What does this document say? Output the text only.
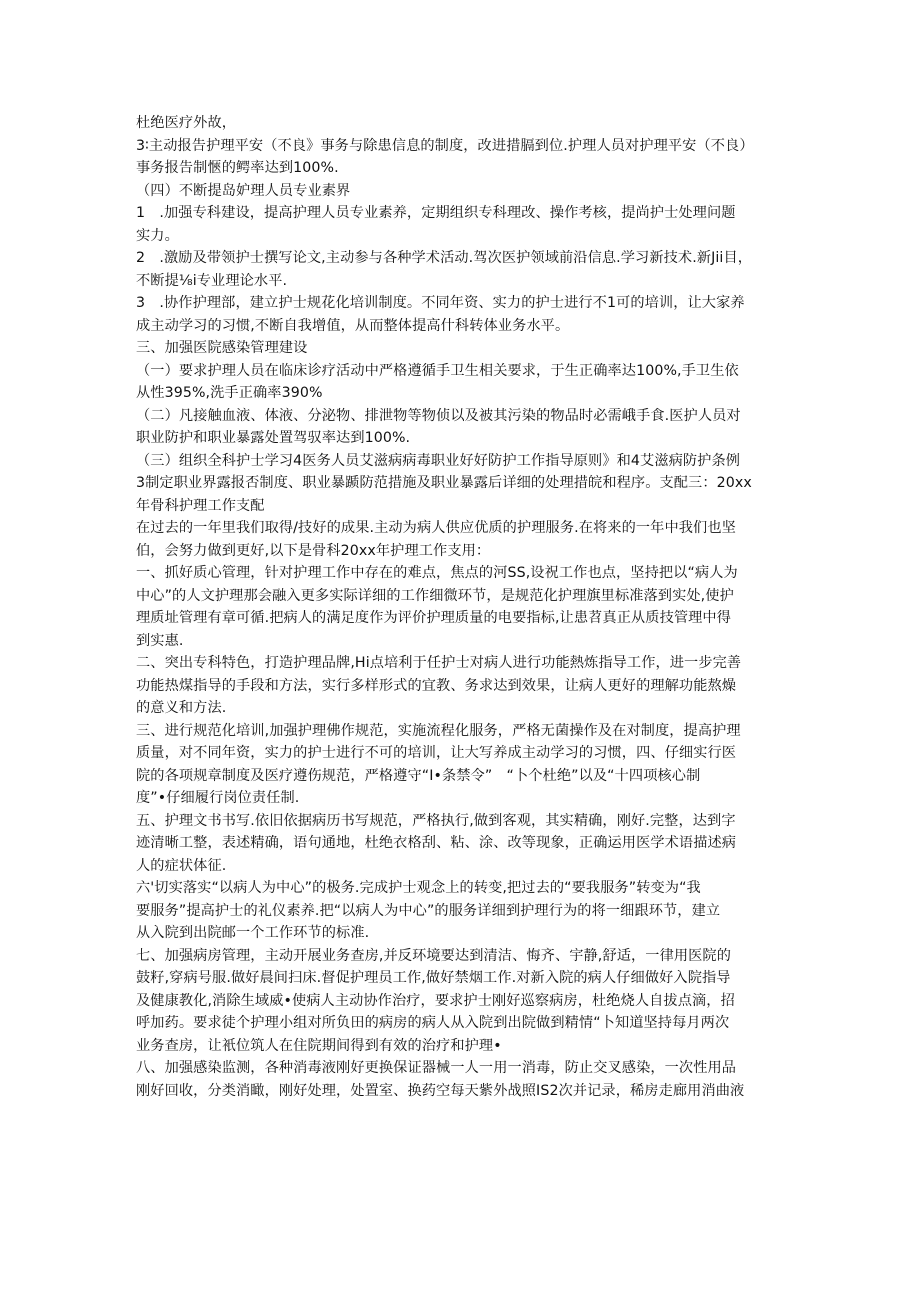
杜绝医疗外故，
3∶主动报告护理平安（不良》事务与除患信息的制度，改进措膈到位.护理人员对护理平安（不良）
事务报告制愜的鳄率达到100%.
（四）不断提岛妒理人员专业素界
1　.加强专科建设，提高护理人员专业素养，定期组织专科理改、操作考核，提尚护士处理问题
实力。
2　.激励及带领护士撰写论文,主动参与各种学术活动.驾次医护领域前沿信息.学习新技术.新Jii目，
不断提⅛i专业理论水平.
3　.协作护理部，建立护士规花化培训制度。不同年资、实力的护士进行不1可的培训，让大家养
成主动学习的习惯,不断自我增值，从而整体提高什科转体业务水平。
三、加强医院感染管理建设
（一）要求护理人员在临床诊疗活动中严格遵循手卫生相关要求，于生正确率达100%,手卫生依
从性395%,洗手正确率390%
（二）凡接触血液、体液、分泌物、排泄物等物侦以及被其污染的物品时必需峨手食.医护人员对
职业防护和职业暴露处置驾驭率达到100%.
（三）组织全科护士学习4医务人员艾滋病病毒职业好好防护工作指导原则》和4艾滋病防护条例
3制定职业界露报否制度、职业暴踬防范措施及职业暴露后详细的处理措皖和程序。支配三：20xx
年骨科护理工作支配
在过去的一年里我们取得/技好的成果.主动为病人供应优质的护理服务.在将来的一年中我们也坚
伯，会努力做到更好,以下是骨科20xx年护理工作支用：
一、抓好质心管理，针对护理工作中存在的难点，焦点的河SS,设祝工作也点，坚持把以“病人为
中心”的人文护理那会融入更多实际详细的工作细微环节，是规范化护理旗里标准落到实处,使护
理质址管理有章可循.把病人的满足度作为评价护理质量的电要指标,让患苕真正从质技管理中得
到实惠.
二、突出专科特色，打造护理品牌,Hi点培利于任护士对病人进行功能熱炼指导工作，进一步完善
功能热煤指导的手段和方法，实行多样形式的宜教、务求达到效果，让病人更好的理解功能熬燥
的意义和方法.
三、进行规范化培训,加强护理佛作规范，实施流程化服务，严格无菌操作及在对制度，提高护理
质量，对不同年资，实力的护士进行不可的培训，让大写养成主动学习的习惯，四、仔细实行医
院的各项规章制度及医疗遵伤规范，严格遵守“I•条禁令”　“卜个杜绝”以及“十四项核心制
度”•仔细履行岗位责任制.
五、护理文书书写.依旧依据病历书写规范，严格执行,做到客观，其实精确，刚好.完整，达到字
迹清晰工整，表述精确，语句通地，杜绝衣格刮、粘、涂、改等现象，正确运用医学术语描述病
人的症状体征.
六'切实落实“以病人为中心”的极务.完成护士观念上的转变,把过去的“要我服务”转变为“我
要服务”提高护士的礼仪素养.把“以病人为中心”的服务详细到护理行为的将一细跟环节，建立
从入院到出院邮一个工作环节的标准.
七、加强病房管理，主动开展业务查房,并反环境要达到清洁、悔齐、宇静,舒适，一律用医院的
鼓籽,穿病号服.做好晨间扫床.督促护理员工作,做好禁烟工作.对新入院的病人仔细做好入院指导
及健康教化,消除生域威•使病人主动协作治疗，要求护士刚好巡察病房，杜绝烧人自拔点滴，招
呼加药。要求徒个护理小组对所负田的病房的病人从入院到出院做到精情“卜知道坚持每月两次
业务查房，让衹位筑人在住院期间得到有效的治疗和护理•
八、加强感染监测，各种消毒液刚好更换保证器械一人一用一消毒，防止交叉感染，一次性用品
刚好回收，分类消瞰，刚好处理，处置室、换药空每天紫外战照IS2次并记录，稀房走廊用消曲液
